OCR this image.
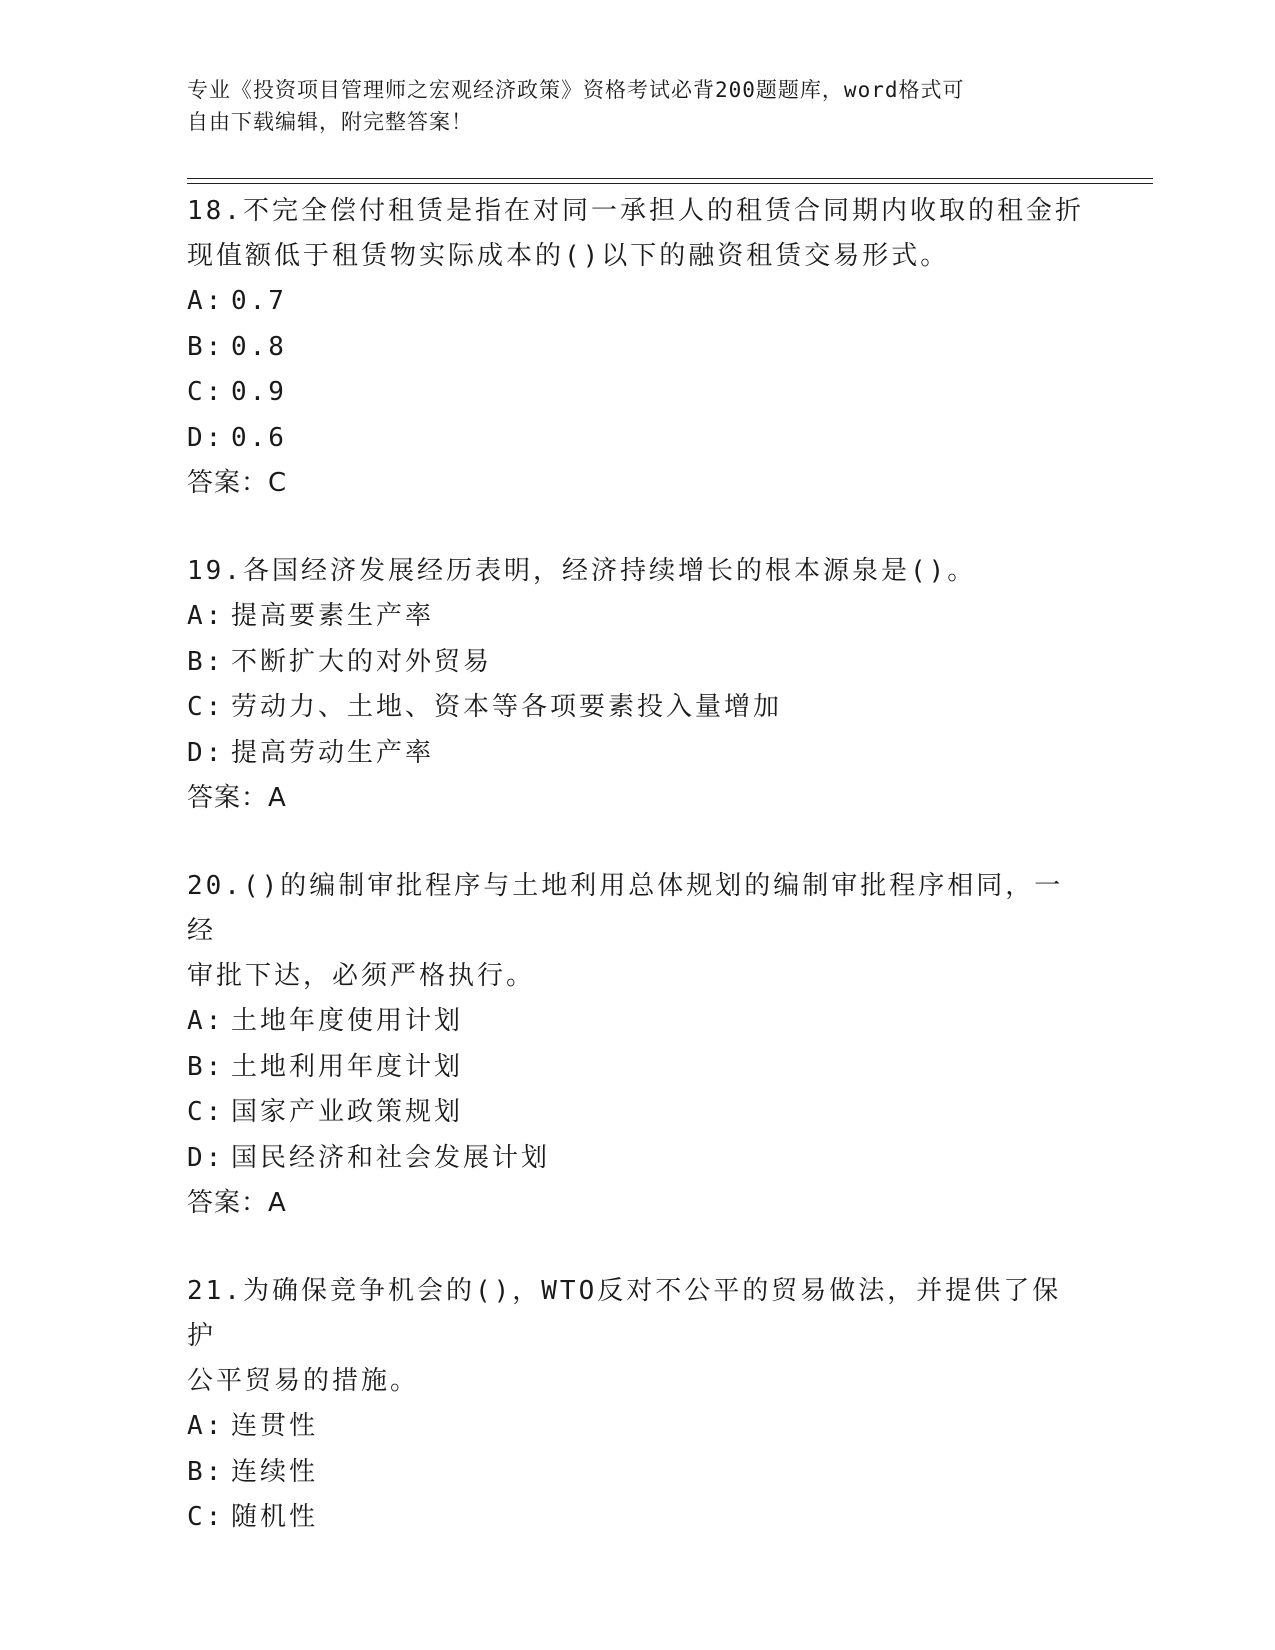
专业《投资项目管理师之宏观经济政策》资格考试必背200题题库，word格式可
自由下载编辑，附完整答案！
18.不完全偿付租赁是指在对同一承担人的租赁合同期内收取的租金折
现值额低于租赁物实际成本的()以下的融资租赁交易形式。
A: 0.7
B: 0.8
C: 0.9
D: 0.6
答案：C
19.各国经济发展经历表明，经济持续增长的根本源泉是()。
A: 提高要素生产率
B: 不断扩大的对外贸易
C: 劳动力、土地、资本等各项要素投入量增加
D: 提高劳动生产率
答案：A
20.()的编制审批程序与土地利用总体规划的编制审批程序相同，一经
审批下达，必须严格执行。
A: 土地年度使用计划
B: 土地利用年度计划
C: 国家产业政策规划
D: 国民经济和社会发展计划
答案：A
21.为确保竞争机会的()，WTO反对不公平的贸易做法，并提供了保护
公平贸易的措施。
A: 连贯性
B: 连续性
C: 随机性
